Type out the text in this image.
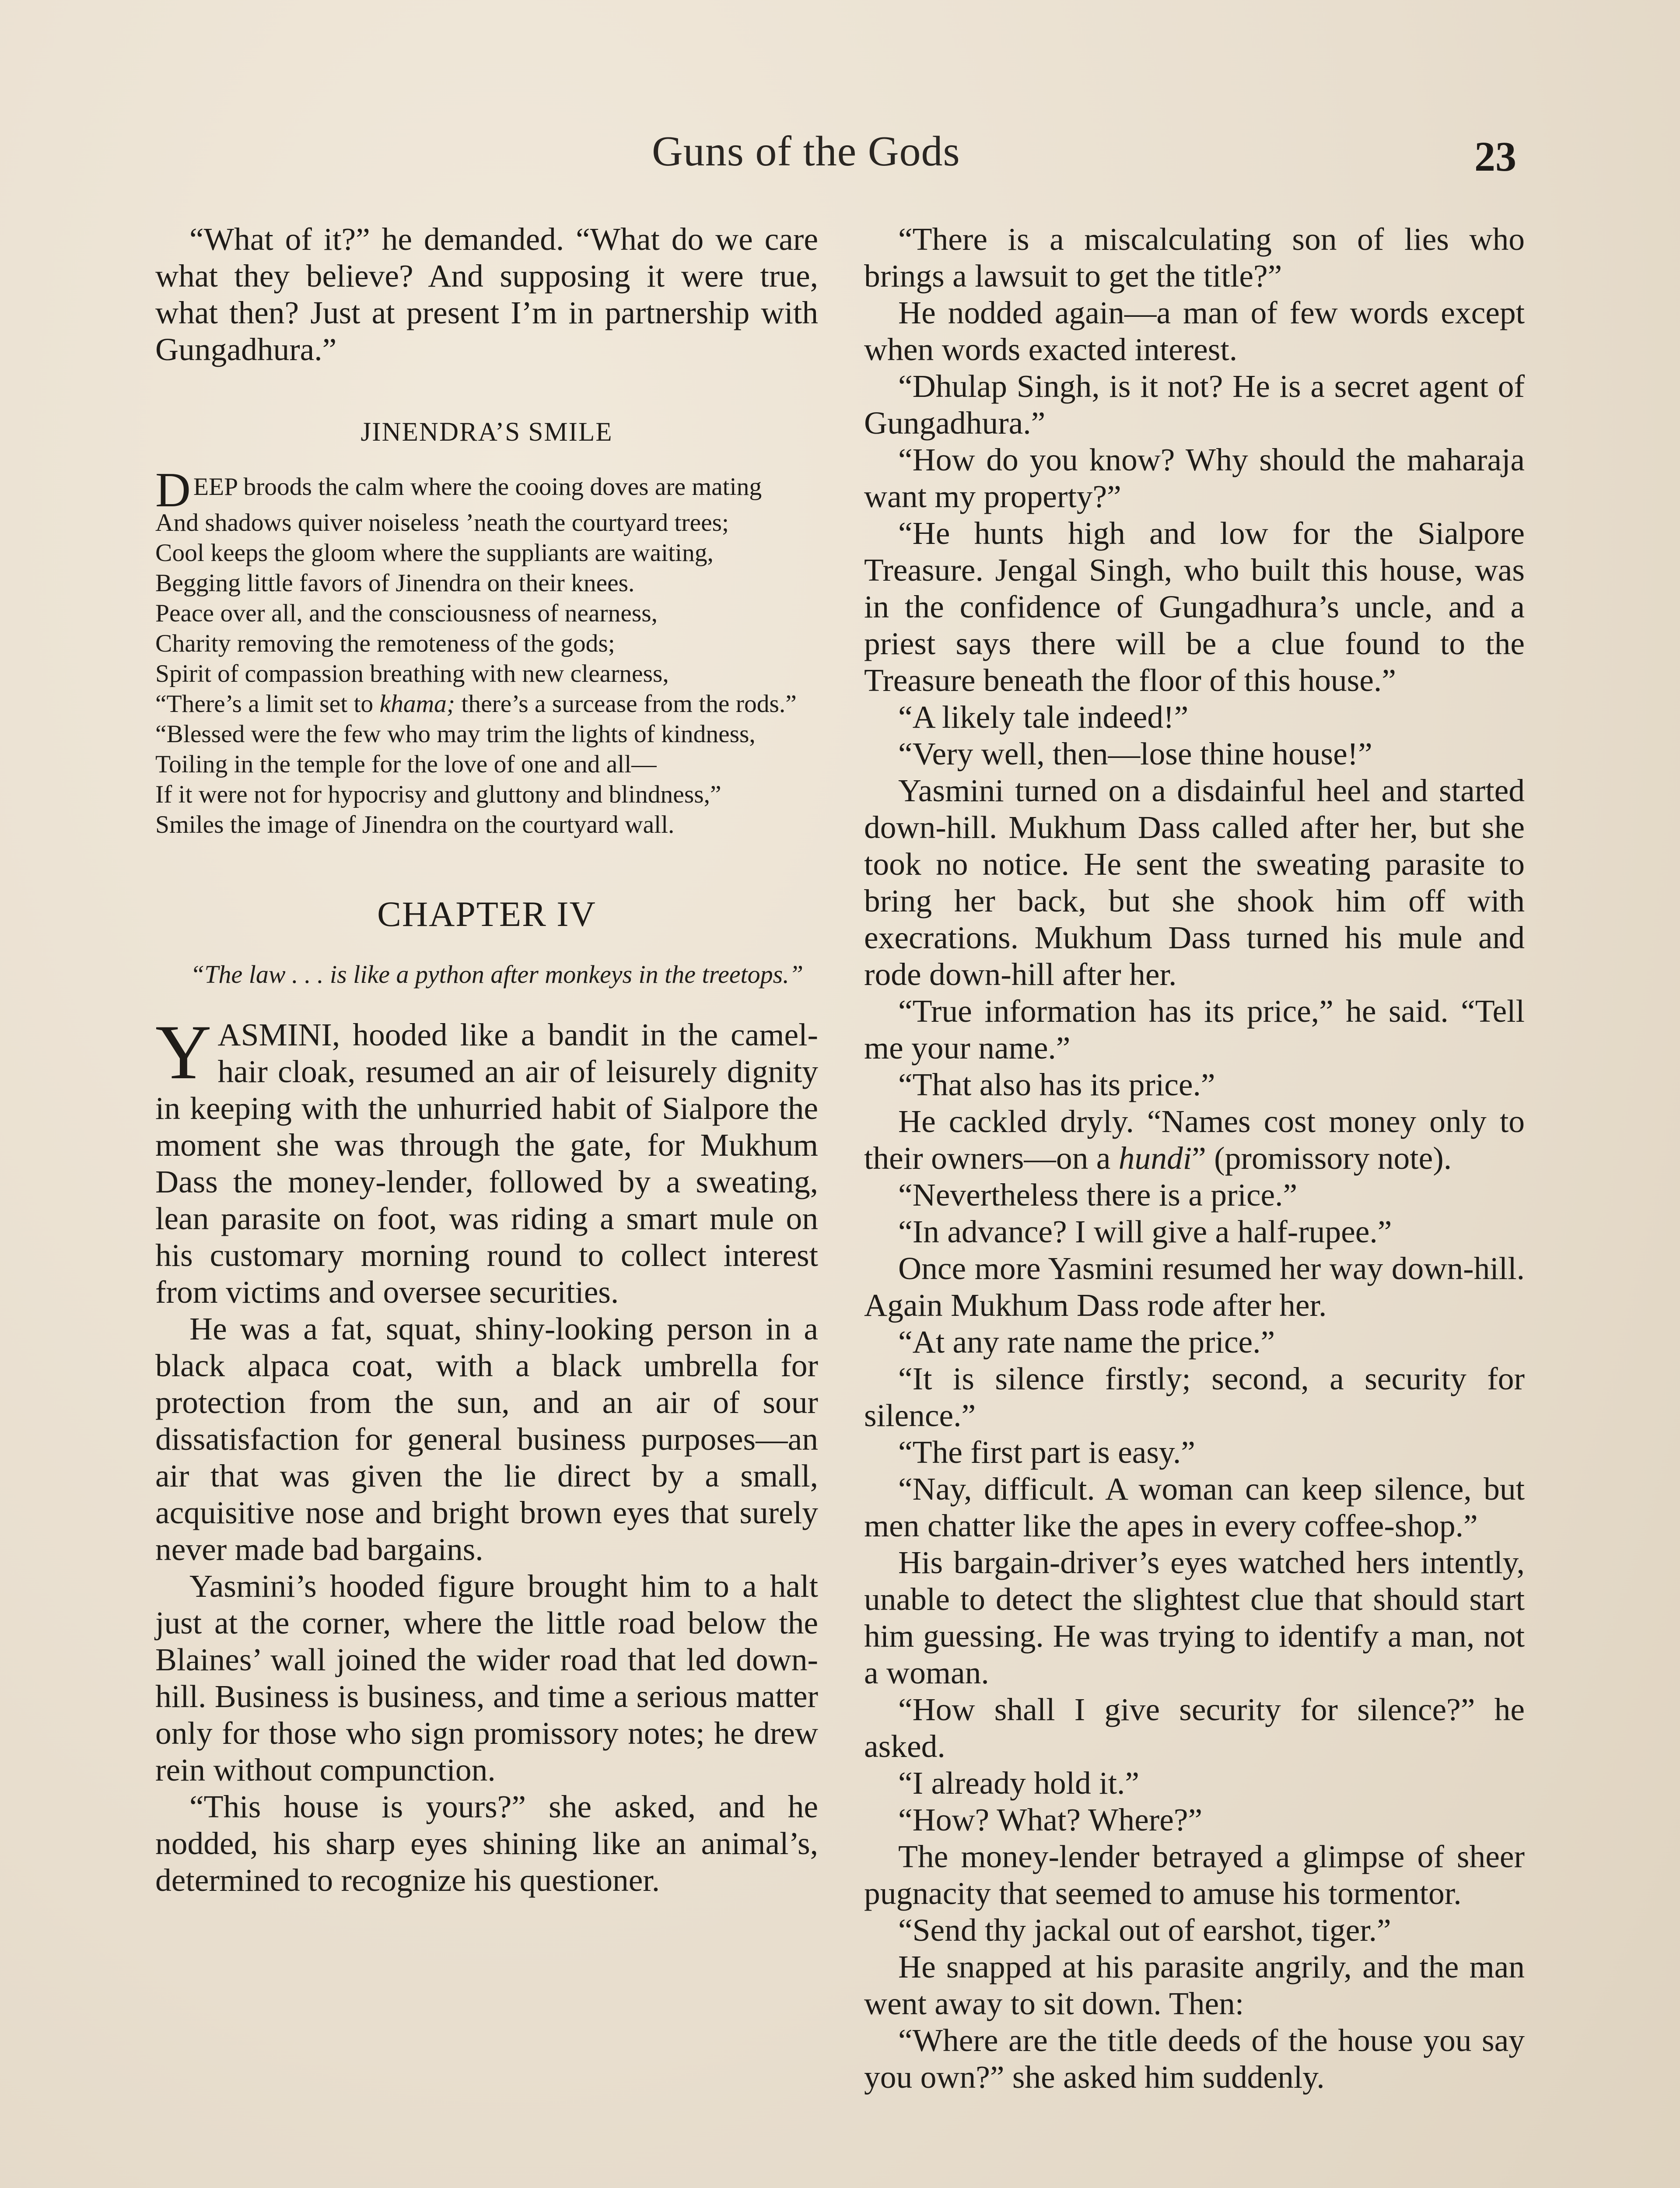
Guns of the Gods	23

“What of it?” he demanded. “What do we care what they believe? And supposing it were true, what then? Just at present I’m in partnership with Gungadhura.”

JINENDRA’S SMILE
D EEP broods the calm where the cooing doves are mating
And shadows quiver noiseless ’neath the courtyard trees;
Cool keeps the gloom where the suppliants are waiting,
Begging little favors of Jinendra on their knees.
Peace over all, and the consciousness of nearness,
Charity removing the remoteness of the gods;
Spirit of compassion breathing with new clearness,
“There’s a limit set to khama; there’s a surcease from the rods.”
“Blessed were the few who may trim the lights of kindness,
Toiling in the temple for the love of one and all—
If it were not for hypocrisy and gluttony and blindness,”
Smiles the image of Jinendra on the courtyard wall.
CHAPTER IV
“The law . . . is like a python after monkeys in the treetops.”

YASMINI, hooded like a bandit in the camel-hair cloak, resumed an air of leisurely dignity in keeping with the unhurried habit of Sialpore the moment she was through the gate, for Mukhum Dass the money-lender, followed by a sweating, lean parasite on foot, was riding a smart mule on his customary morning round to collect interest from victims and oversee securities.

He was a fat, squat, shiny-looking person in a black alpaca coat, with a black umbrella for protection from the sun, and an air of sour dissatisfaction for general business purposes—an air that was given the lie direct by a small, acquisitive nose and bright brown eyes that surely never made bad bargains.

Yasmini’s hooded figure brought him to a halt just at the corner, where the little road below the Blaines’ wall joined the wider road that led down-hill. Business is business, and time a serious matter only for those who sign promissory notes; he drew rein without compunction.

“This house is yours?” she asked, and he nodded, his sharp eyes shining like an animal’s, determined to recognize his questioner.

“There is a miscalculating son of lies who brings a lawsuit to get the title?”

He nodded again—a man of few words except when words exacted interest.

“Dhulap Singh, is it not? He is a secret agent of Gungadhura.”

“How do you know? Why should the maharaja want my property?”

“He hunts high and low for the Sialpore Treasure. Jengal Singh, who built this house, was in the confidence of Gungadhura’s uncle, and a priest says there will be a clue found to the Treasure beneath the floor of this house.”

“A likely tale indeed!”

“Very well, then—lose thine house!”

Yasmini turned on a disdainful heel and started down-hill. Mukhum Dass called after her, but she took no notice. He sent the sweating parasite to bring her back, but she shook him off with execrations. Mukhum Dass turned his mule and rode down-hill after her.

“True information has its price,” he said. “Tell me your name.”

“That also has its price.”

He cackled dryly. “Names cost money only to their owners—on a hundi” (promissory note).

“Nevertheless there is a price.”

“In advance? I will give a half-rupee.”

Once more Yasmini resumed her way down-hill. Again Mukhum Dass rode after her.

“At any rate name the price.”

“It is silence firstly; second, a security for silence.”

“The first part is easy.”

“Nay, difficult. A woman can keep silence, but men chatter like the apes in every coffee-shop.”

His bargain-driver’s eyes watched hers intently, unable to detect the slightest clue that should start him guessing. He was trying to identify a man, not a woman.

“How shall I give security for silence?” he asked.

“I already hold it.”

“How? What? Where?”

The money-lender betrayed a glimpse of sheer pugnacity that seemed to amuse his tormentor.

“Send thy jackal out of earshot, tiger.”

He snapped at his parasite angrily, and the man went away to sit down. Then:

“Where are the title deeds of the house you say you own?” she asked him suddenly.
